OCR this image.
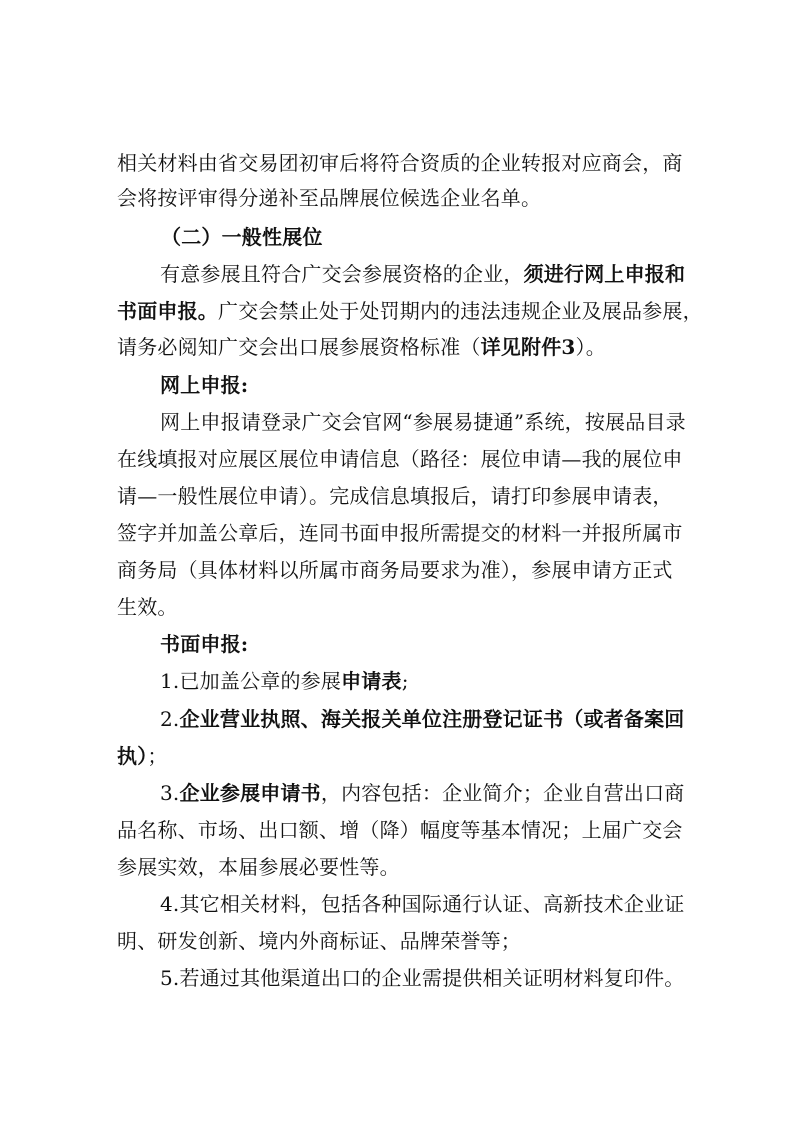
相关材料由省交易团初审后将符合资质的企业转报对应商会，商
会将按评审得分递补至品牌展位候选企业名单。
（二）一般性展位
有意参展且符合广交会参展资格的企业，须进行网上申报和
书面申报。广交会禁止处于处罚期内的违法违规企业及展品参展，
请务必阅知广交会出口展参展资格标准（详见附件3）。
网上申报:
网上申报请登录广交会官网“参展易捷通”系统，按展品目录
在线填报对应展区展位申请信息（路径：展位申请—我的展位申
请—一般性展位申请）。完成信息填报后，请打印参展申请表，
签字并加盖公章后，连同书面申报所需提交的材料一并报所属市
商务局（具体材料以所属市商务局要求为准），参展申请方正式
生效。
书面申报:
1.已加盖公章的参展申请表;
2.企业营业执照、海关报关单位注册登记证书（或者备案回
执）；
3.企业参展申请书，内容包括：企业简介；企业自营出口商
品名称、市场、出口额、增（降）幅度等基本情况；上届广交会
参展实效，本届参展必要性等。
4.其它相关材料，包括各种国际通行认证、高新技术企业证
明、研发创新、境内外商标证、品牌荣誉等；
5.若通过其他渠道出口的企业需提供相关证明材料复印件。
